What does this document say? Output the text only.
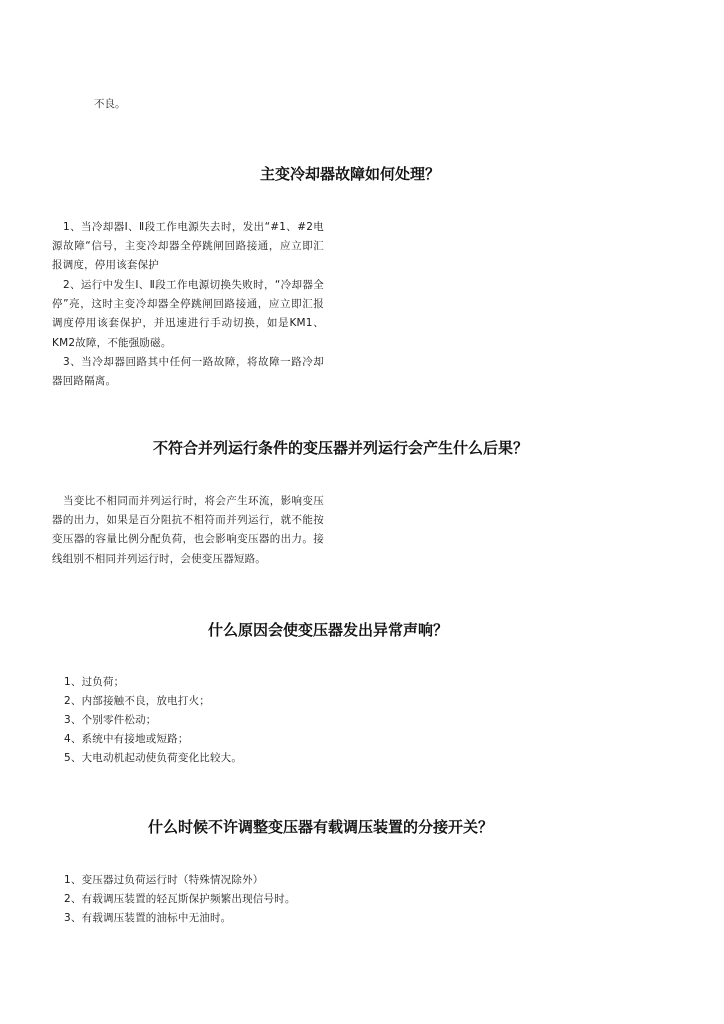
不良。

主变冷却器故障如何处理？

1、当冷却器Ⅰ、Ⅱ段工作电源失去时，发出“#1、#2电源故障“信号，主变冷却器全停跳闸回路接通，应立即汇报调度，停用该套保护

2、运行中发生Ⅰ、Ⅱ段工作电源切换失败时，“冷却器全停”亮，这时主变冷却器全停跳闸回路接通，应立即汇报调度停用该套保护，并迅速进行手动切换，如是KM1、KM2故障，不能强励磁。

3、当冷却器回路其中任何一路故障，将故障一路冷却器回路隔离。

不符合并列运行条件的变压器并列运行会产生什么后果？

当变比不相同而并列运行时，将会产生环流，影响变压器的出力，如果是百分阻抗不相符而并列运行，就不能按变压器的容量比例分配负荷，也会影响变压器的出力。接线组别不相同并列运行时，会使变压器短路。

什么原因会使变压器发出异常声响？
1、过负荷；
2、内部接触不良，放电打火；
3、个别零件松动；
4、系统中有接地或短路；
5、大电动机起动使负荷变化比较大。
什么时候不许调整变压器有载调压装置的分接开关？
1、变压器过负荷运行时（特殊情况除外）
2、有载调压装置的轻瓦斯保护频繁出现信号时。
3、有载调压装置的油标中无油时。
